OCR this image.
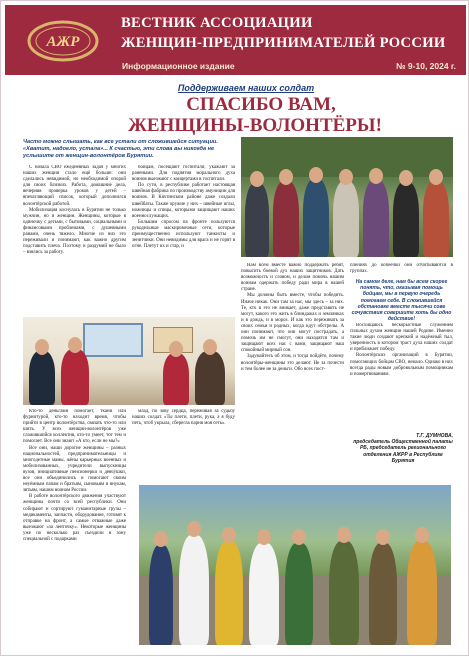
АЖР
ВЕСТНИК АССОЦИАЦИИ
ЖЕНЩИН-ПРЕДПРИНИМАТЕЛЕЙ РОССИИ
Информационное издание	№ 9-10, 2024 г.
Поддерживаем наших солдат
СПАСИБО ВАМ,
ЖЕНЩИНЫ-ВОЛОНТЁРЫ!
Часто можно слышать, как все устали от сложившейся ситуации. «Хватит, надоело, устала»... К счастью, эти слова вы никогда не услышите от женщин-волонтёров Бурятии.

С начала СВО ежедневных задач у многих наших женщин стало ещё больше: они сделались невидимой, но необходимой опорой для своих близких. Работа, домашние дела, вечерняя проверка уроков у детей – впечатляющий список, который дополнился волонтёрской работой.

Мобилизация коснулась в Бурятии не только мужчин, но и женщин. Женщины, которые в одиночку с детьми, с бытовыми, социальными и финансовыми проблемами, с душевными ранами, очень тяжело. Многие из них это переживали и понимают, как важно другим подставить плечо. Поэтому и раздумий не было – взялись за работу.

бойцам, посещают госпитали, укажают за ранеными. Для поднятия морального духа воинов выезжают с концертами в госпитали.

По сути, в республике работает настоящая швейная фабрика по производству амуниции для воинов. В Кяхтинском районе даже создали швейбаты. Также оружие у них – швейные иглы, ножницы и спицы, которыми защищают наших военнослужащих.

Большим спросом на фронте пользуются рукодельные маскировочные сети, которые преимущественно используют танкисты и зенитчики. Они невидимы для врага и не горят в огне. Плетут их и стар, и

Кто-то деньгами помогает, ткани или фурнитурой, кто-то находит время, чтобы прийти в центр волонтёрства, связать что-то или шить. У всех женщин-волонтёров уже сложившийся коллектив, кто-то умеет, тот тем и помогает. Все они знают «А кто, если не мы?»

Все они, наши дорогие женщины – разных национальностей, предпринимательницы и многодетные мамы, жёны карьерных военных и мобилизованных, учредители выпускницы вузов, инициативные пенсионерки и девчушки, все они объединились и помогают своим неуёмным папам и братьям, сыновьям и внукам, зятьям, нашим воинам России.

В работе волонтёрского движения участвуют женщины почти со всей республики. Они собирают и сортируют гуманитарные грузы – медикаменты, запчасти, оборудование, готовят к отправке на фронт, а самые отважные даже выезжают «за ленточку». Некоторые женщины уже по несколько раз съездили в зону специальной с подарками

млад, по зову сердца, переживая за судьбу наших солдат. «Ты плети, плети, рука, а я буду петь, чтоб укрыла, сберегла парня моя сеть».

Нам всем вместе важно поддержать ребят, повысить боевой дух наших защитников. Дать возможность и словом, и делом помочь нашим воинам одержать победу ради мира в нашей стране.

Мы должны быть вместе, чтобы победить. Иначе никак. Они там за нас, мы здесь – за них. Те, кто в это не вникает, даже представить не могут, какого это жить в блиндажах и землянках и в дождь, и в мороз. И как это переживать за своих семьи и родных, когда идут обстрелы. А они понимают, что они могут пострадать, а помочь им не смогут, они находятся там и защищают всех нас с вами, защищают наш спокойный мирный сон.

Задумайтесь об этом, и тогда пойдёте, почему волонтёры-женщины это делают. Не за почести и тем более не за деньги. Обо всех пост-

плениях до копеечки они отчитываются в группах.

На самом деле, нам бы всем скорее понять, что, оказывая помощь бойцам, мы в первую очередь помогаем себе. В сложившейся обстановке вместе тысячи сове сочувствия совершите хоть бы одно действие!

Восхищаюсь бескорыстные служением сильных духом женщин нашей Родине. Именно такие люди создают крепкий и надёжный тыл, уверенность в котором траст духа наших солдат и приближает победу.

Волонтёрских организаций в Бурятии, помогающих бойцам СВО, немало. Однако в них всегда рады новым добровольным помощникам и пожертвованиям.

Т.Г. ДУМНОВА,
председатель Общественной палаты РБ, председатель регионального отделения АЖРР в Республике Бурятия
